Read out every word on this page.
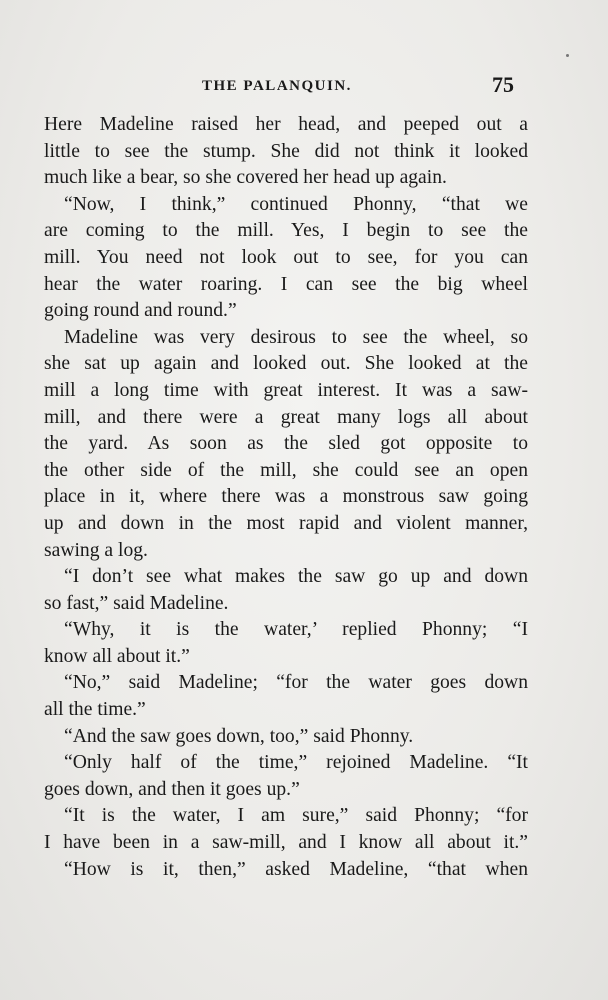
THE PALANQUIN.	75
Here Madeline raised her head, and peeped out a
little to see the stump. She did not think it looked
much like a bear, so she covered her head up again.
“Now, I think,” continued Phonny, “that we
are coming to the mill. Yes, I begin to see the
mill. You need not look out to see, for you can
hear the water roaring. I can see the big wheel
going round and round.”
Madeline was very desirous to see the wheel, so
she sat up again and looked out. She looked at the
mill a long time with great interest. It was a saw-
mill, and there were a great many logs all about
the yard. As soon as the sled got opposite to
the other side of the mill, she could see an open
place in it, where there was a monstrous saw going
up and down in the most rapid and violent manner,
sawing a log.
“I don’t see what makes the saw go up and down
so fast,” said Madeline.
“Why, it is the water,’ replied Phonny; “I
know all about it.”
“No,” said Madeline; “for the water goes down
all the time.”
“And the saw goes down, too,” said Phonny.
“Only half of the time,” rejoined Madeline. “It
goes down, and then it goes up.”
“It is the water, I am sure,” said Phonny; “for
I have been in a saw-mill, and I know all about it.”
“How is it, then,” asked Madeline, “that when
